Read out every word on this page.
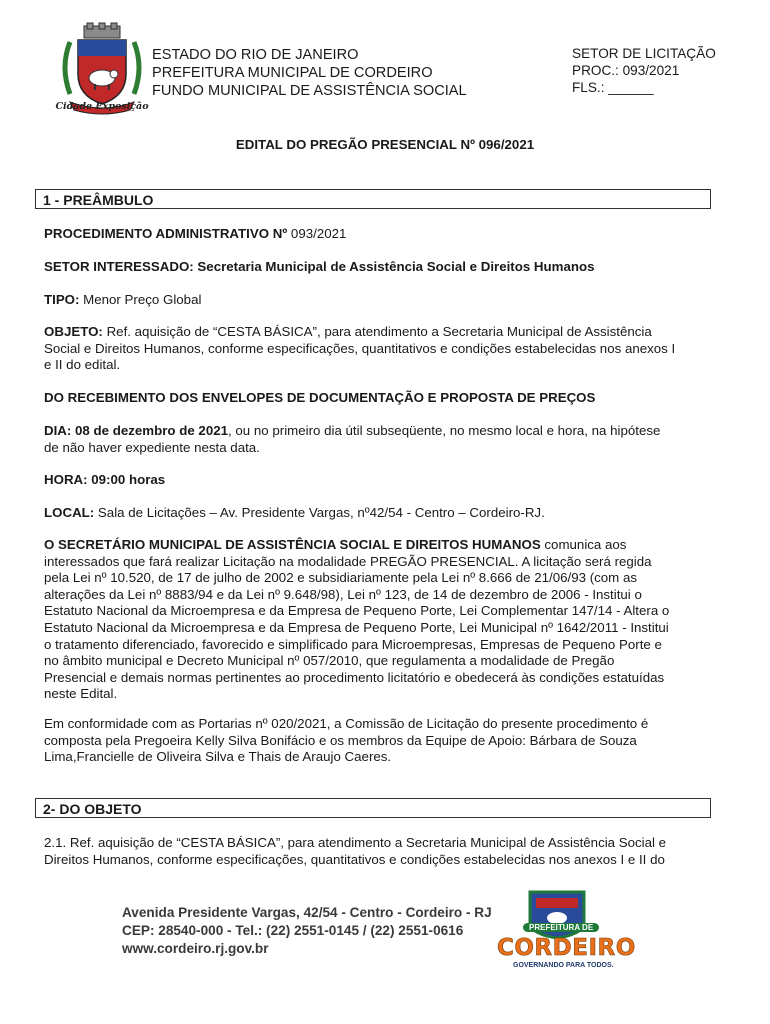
Cidade Exposição
ESTADO DO RIO DE JANEIRO
PREFEITURA MUNICIPAL DE CORDEIRO
FUNDO MUNICIPAL DE ASSISTÊNCIA SOCIAL
SETOR DE LICITAÇÃO
PROC.: 093/2021
FLS.: ______
EDITAL DO PREGÃO PRESENCIAL Nº 096/2021
1 - PREÂMBULO
PROCEDIMENTO ADMINISTRATIVO Nº 093/2021
SETOR INTERESSADO: Secretaria Municipal de Assistência Social e Direitos Humanos
TIPO: Menor Preço Global
OBJETO: Ref. aquisição de “CESTA BÁSICA”, para atendimento a Secretaria Municipal de Assistência
Social e Direitos Humanos, conforme especificações, quantitativos e condições estabelecidas nos anexos I
e II do edital.
DO RECEBIMENTO DOS ENVELOPES DE DOCUMENTAÇÃO E PROPOSTA DE PREÇOS
DIA: 08 de dezembro de 2021, ou no primeiro dia útil subseqüente, no mesmo local e hora, na hipótese
de não haver expediente nesta data.
HORA: 09:00 horas
LOCAL: Sala de Licitações – Av. Presidente Vargas, nº42/54 - Centro – Cordeiro-RJ.
O SECRETÁRIO MUNICIPAL DE ASSISTÊNCIA SOCIAL E DIREITOS HUMANOS comunica aos
interessados que fará realizar Licitação na modalidade PREGÃO PRESENCIAL. A licitação será regida
pela Lei nº 10.520, de 17 de julho de 2002 e subsidiariamente pela Lei nº 8.666 de 21/06/93 (com as
alterações da Lei nº 8883/94 e da Lei nº 9.648/98), Lei nº 123, de 14 de dezembro de 2006 - Institui o
Estatuto Nacional da Microempresa e da Empresa de Pequeno Porte, Lei Complementar 147/14 - Altera o
Estatuto Nacional da Microempresa e da Empresa de Pequeno Porte, Lei Municipal nº 1642/2011 - Institui
o tratamento diferenciado, favorecido e simplificado para Microempresas, Empresas de Pequeno Porte e
no âmbito municipal e Decreto Municipal nº 057/2010, que regulamenta a modalidade de Pregão
Presencial e demais normas pertinentes ao procedimento licitatório e obedecerá às condições estatuídas
neste Edital.
Em conformidade com as Portarias nº 020/2021, a Comissão de Licitação do presente procedimento é
composta pela Pregoeira Kelly Silva Bonifácio e os membros da Equipe de Apoio: Bárbara de Souza
Lima,Francielle de Oliveira Silva e Thais de Araujo Caeres.
2- DO OBJETO
2.1. Ref. aquisição de “CESTA BÁSICA”, para atendimento a Secretaria Municipal de Assistência Social e
Direitos Humanos, conforme especificações, quantitativos e condições estabelecidas nos anexos I e II do
Avenida Presidente Vargas, 42/54 - Centro - Cordeiro - RJ
CEP: 28540-000 - Tel.: (22) 2551-0145 / (22) 2551-0616
www.cordeiro.rj.gov.br
PREFEITURA DE
CORDEIRO
GOVERNANDO PARA TODOS.
